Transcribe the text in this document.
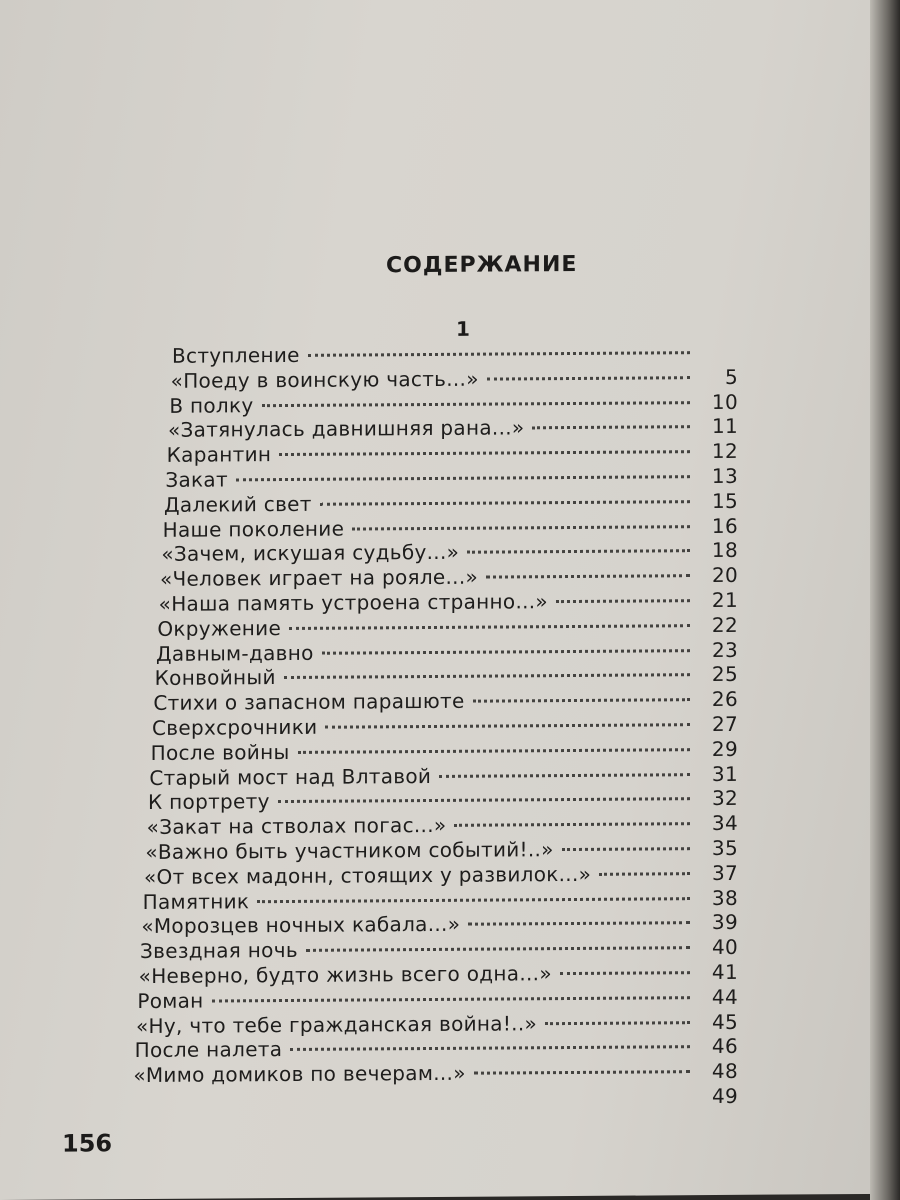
СОДЕРЖАНИЕ
1
Вступление
«Поеду в воинскую часть...»	5
В полку	10
«Затянулась давнишняя рана...»	11
Карантин	12
Закат	13
Далекий свет	15
Наше поколение	16
«Зачем, искушая судьбу...»	18
«Человек играет на рояле...»	20
«Наша память устроена странно...»	21
Окружение	22
Давным-давно	23
Конвойный	25
Стихи о запасном парашюте	26
Сверхсрочники	27
После войны	29
Старый мост над Влтавой	31
К портрету	32
«Закат на стволах погас...»	34
«Важно быть участником событий!..»	35
«От всех мадонн, стоящих у развилок...»	37
Памятник	38
«Морозцев ночных кабала...»	39
Звездная ночь	40
«Неверно, будто жизнь всего одна...»	41
Роман	44
«Ну, что тебе гражданская война!..»	45
После налета	46
«Мимо домиков по вечерам...»	48
49
156
